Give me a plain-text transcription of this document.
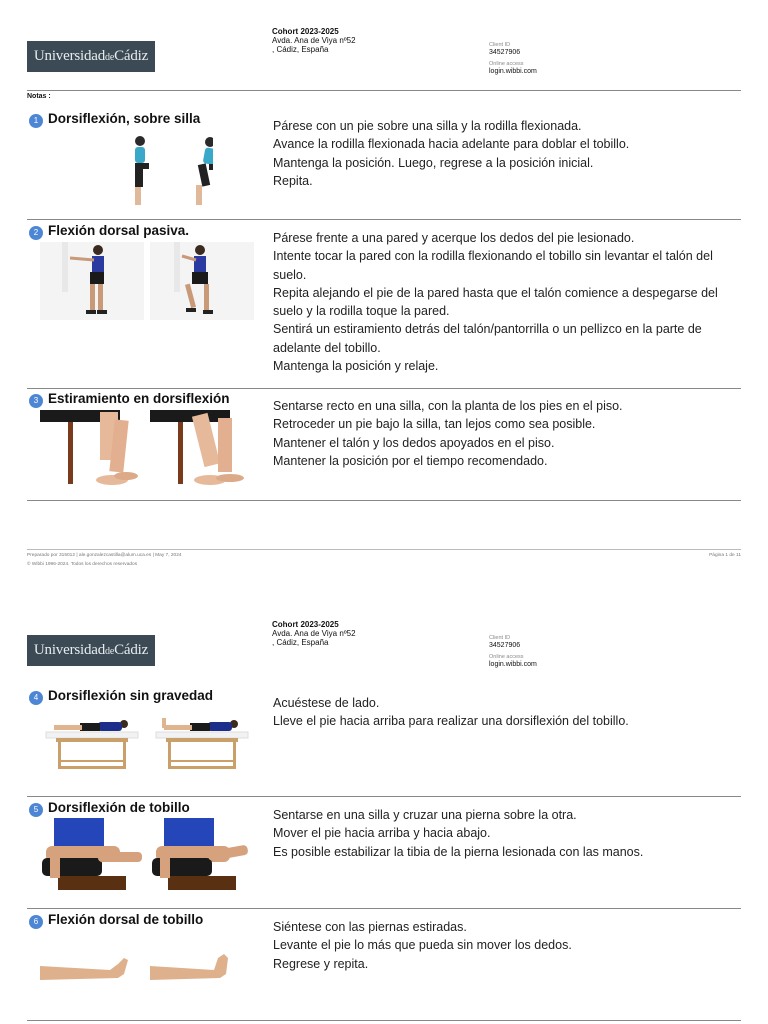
UniversidaddeCádiz
Cohort 2023-2025
Avda. Ana de Viya nº52
, Cádiz, España	Client ID
34527906
Online access
login.wibbi.com
Notas :
1 Dorsiflexión, sobre silla	Párese con un pie sobre una silla y la rodilla flexionada.
Avance la rodilla flexionada hacia adelante para doblar el tobillo.
Mantenga la posición. Luego, regrese a la posición inicial.
Repita.
2 Flexión dorsal pasiva.	Párese frente a una pared y acerque los dedos del pie lesionado.
Intente tocar la pared con la rodilla flexionando el tobillo sin levantar el talón del suelo.
Repita alejando el pie de la pared hasta que el talón comience a despegarse del suelo y la rodilla toque la pared.
Sentirá un estiramiento detrás del talón/pantorrilla o un pellizco en la parte de adelante del tobillo.
Mantenga la posición y relaje.
3 Estiramiento en dorsiflexión	Sentarse recto en una silla, con la planta de los pies en el piso.
Retroceder un pie bajo la silla, tan lejos como sea posible.
Mantener el talón y los dedos apoyados en el piso.
Mantener la posición por el tiempo recomendado.
Preparado por 315012 | ale.gonzalezcastilla@alum.uca.es | May 7, 2024
© Wibbi 1996-2024. Todos los derechos reservados
Página 1 de 11
UniversidaddeCádiz
Cohort 2023-2025
Avda. Ana de Viya nº52
, Cádiz, España	Client ID
34527906
Online access
login.wibbi.com
4 Dorsiflexión sin gravedad	Acuéstese de lado.
Lleve el pie hacia arriba para realizar una dorsiflexión del tobillo.
5 Dorsiflexión de tobillo	Sentarse en una silla y cruzar una pierna sobre la otra.
Mover el pie hacia arriba y hacia abajo.
Es posible estabilizar la tibia de la pierna lesionada con las manos.
6 Flexión dorsal de tobillo	Siéntese con las piernas estiradas.
Levante el pie lo más que pueda sin mover los dedos.
Regrese y repita.
